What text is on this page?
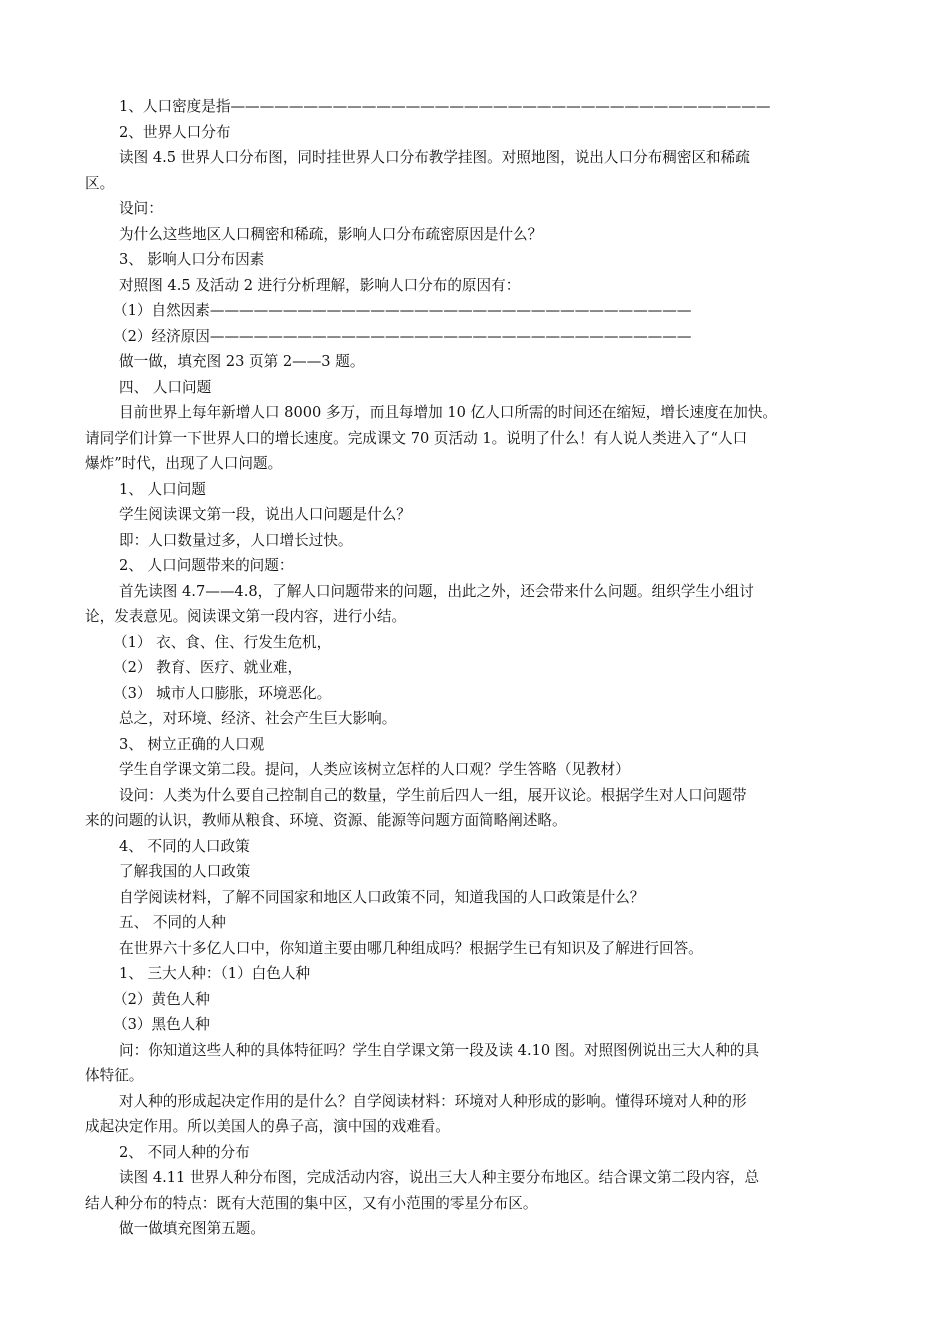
1、人口密度是指—————————————————————————————————————
2、世界人口分布
读图 4.5 世界人口分布图，同时挂世界人口分布教学挂图。对照地图，说出人口分布稠密区和稀疏
区。
设问：
为什么这些地区人口稠密和稀疏，影响人口分布疏密原因是什么？
3、 影响人口分布因素
对照图 4.5 及活动 2 进行分析理解，影响人口分布的原因有：
（1）自然因素—————————————————————————————————
（2）经济原因—————————————————————————————————
做一做，填充图 23 页第 2——3 题。
四、 人口问题
目前世界上每年新增人口 8000 多万，而且每增加 10 亿人口所需的时间还在缩短，增长速度在加快。
请同学们计算一下世界人口的增长速度。完成课文 70 页活动 1。说明了什么！有人说人类进入了“人口
爆炸”时代，出现了人口问题。
1、 人口问题
学生阅读课文第一段，说出人口问题是什么？
即：人口数量过多，人口增长过快。
2、 人口问题带来的问题：
首先读图 4.7——4.8，了解人口问题带来的问题，出此之外，还会带来什么问题。组织学生小组讨
论，发表意见。阅读课文第一段内容，进行小结。
（1） 衣、食、住、行发生危机，
（2） 教育、医疗、就业难，
（3） 城市人口膨胀，环境恶化。
总之，对环境、经济、社会产生巨大影响。
3、 树立正确的人口观
学生自学课文第二段。提问，人类应该树立怎样的人口观？学生答略（见教材）
设问：人类为什么要自己控制自己的数量，学生前后四人一组，展开议论。根据学生对人口问题带
来的问题的认识，教师从粮食、环境、资源、能源等问题方面简略阐述略。
4、 不同的人口政策
了解我国的人口政策
自学阅读材料，了解不同国家和地区人口政策不同，知道我国的人口政策是什么？
五、 不同的人种
在世界六十多亿人口中，你知道主要由哪几种组成吗？根据学生已有知识及了解进行回答。
1、 三大人种：（1）白色人种
（2）黄色人种
（3）黑色人种
问：你知道这些人种的具体特征吗？学生自学课文第一段及读 4.10 图。对照图例说出三大人种的具
体特征。
对人种的形成起决定作用的是什么？自学阅读材料：环境对人种形成的影响。懂得环境对人种的形
成起决定作用。所以美国人的鼻子高，演中国的戏难看。
2、 不同人种的分布
读图 4.11 世界人种分布图，完成活动内容，说出三大人种主要分布地区。结合课文第二段内容，总
结人种分布的特点：既有大范围的集中区，又有小范围的零星分布区。
做一做填充图第五题。
